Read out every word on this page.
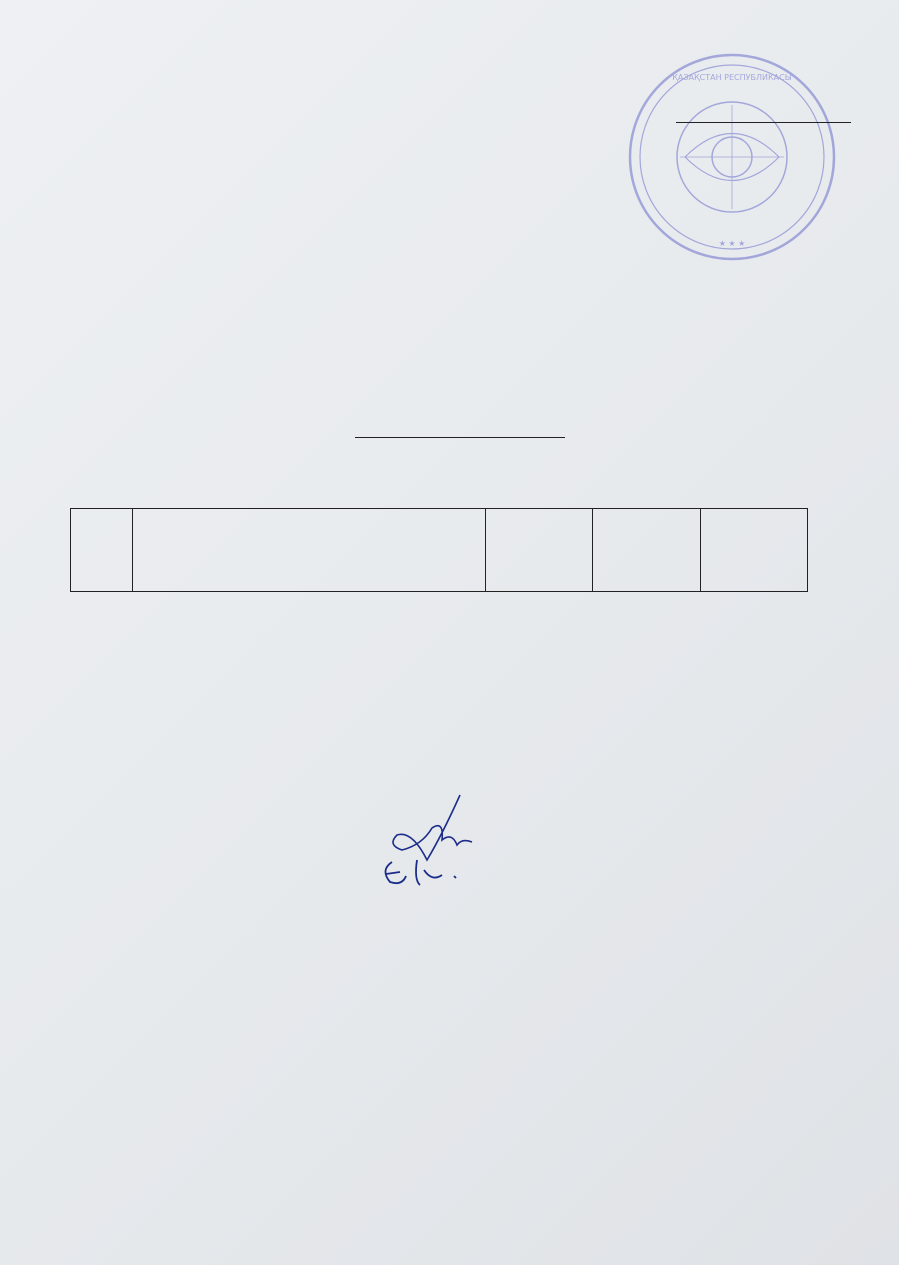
ҚАЗАҚСТАН РЕСПУБЛИКАСЫ
★ ★ ★
